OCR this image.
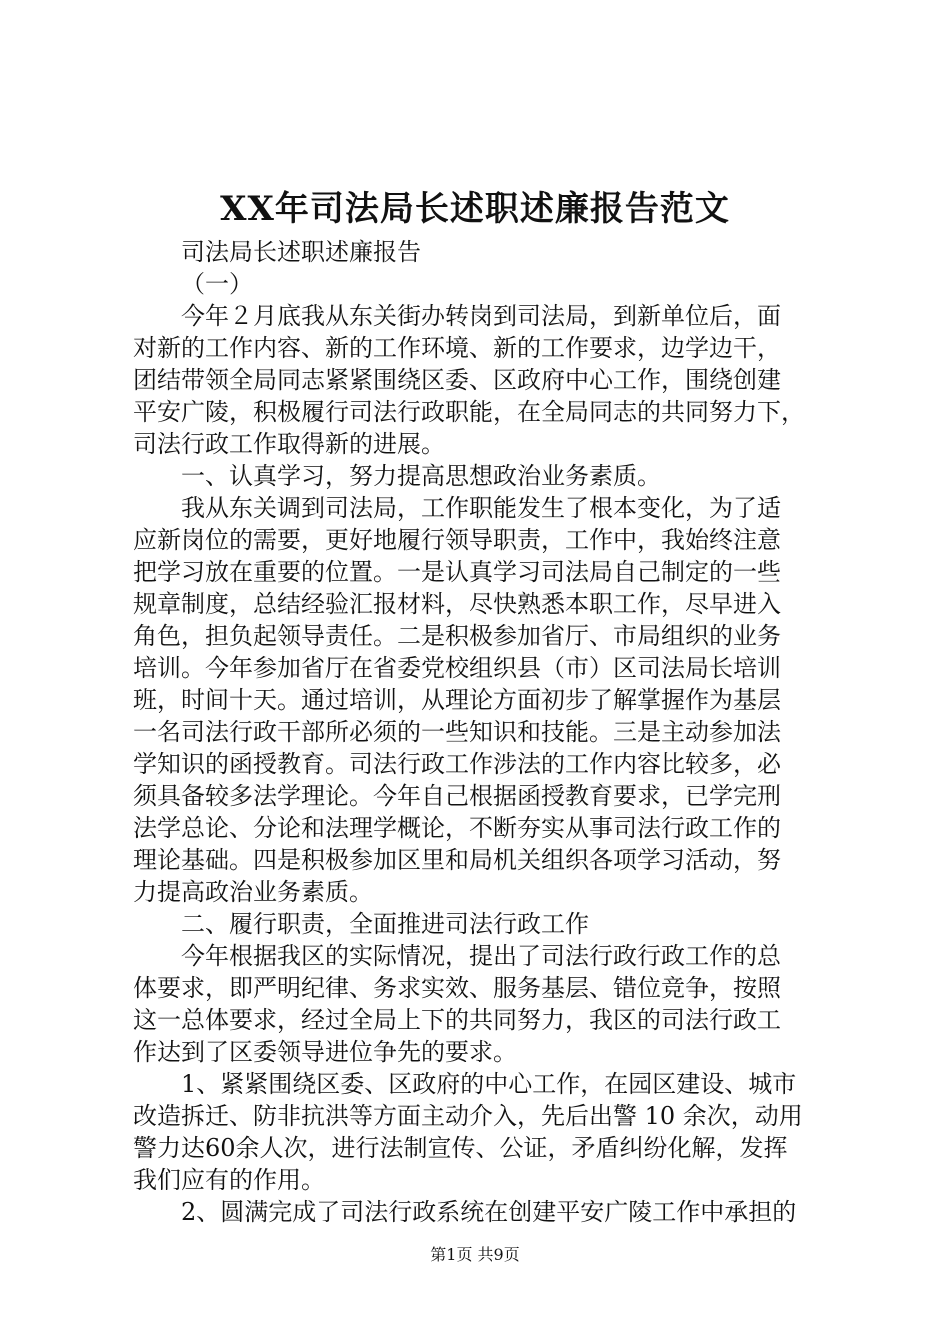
XX年司法局长述职述廉报告范文
司法局长述职述廉报告
（一）
今年２月底我从东关街办转岗到司法局，到新单位后，面
对新的工作内容、新的工作环境、新的工作要求，边学边干，
团结带领全局同志紧紧围绕区委、区政府中心工作，围绕创建
平安广陵，积极履行司法行政职能，在全局同志的共同努力下，
司法行政工作取得新的进展。
一、认真学习，努力提高思想政治业务素质。
我从东关调到司法局，工作职能发生了根本变化，为了适
应新岗位的需要，更好地履行领导职责，工作中，我始终注意
把学习放在重要的位置。一是认真学习司法局自己制定的一些
规章制度，总结经验汇报材料，尽快熟悉本职工作，尽早进入
角色，担负起领导责任。二是积极参加省厅、市局组织的业务
培训。今年参加省厅在省委党校组织县（市）区司法局长培训
班，时间十天。通过培训，从理论方面初步了解掌握作为基层
一名司法行政干部所必须的一些知识和技能。三是主动参加法
学知识的函授教育。司法行政工作涉法的工作内容比较多，必
须具备较多法学理论。今年自己根据函授教育要求，已学完刑
法学总论、分论和法理学概论，不断夯实从事司法行政工作的
理论基础。四是积极参加区里和局机关组织各项学习活动，努
力提高政治业务素质。
二、履行职责，全面推进司法行政工作
今年根据我区的实际情况，提出了司法行政行政工作的总
体要求，即严明纪律、务求实效、服务基层、错位竞争，按照
这一总体要求，经过全局上下的共同努力，我区的司法行政工
作达到了区委领导进位争先的要求。
1、紧紧围绕区委、区政府的中心工作，在园区建设、城市
改造拆迁、防非抗洪等方面主动介入，先后出警 10 余次，动用
警力达60余人次，进行法制宣传、公证，矛盾纠纷化解，发挥
我们应有的作用。
2、圆满完成了司法行政系统在创建平安广陵工作中承担的
第1页 共9页
